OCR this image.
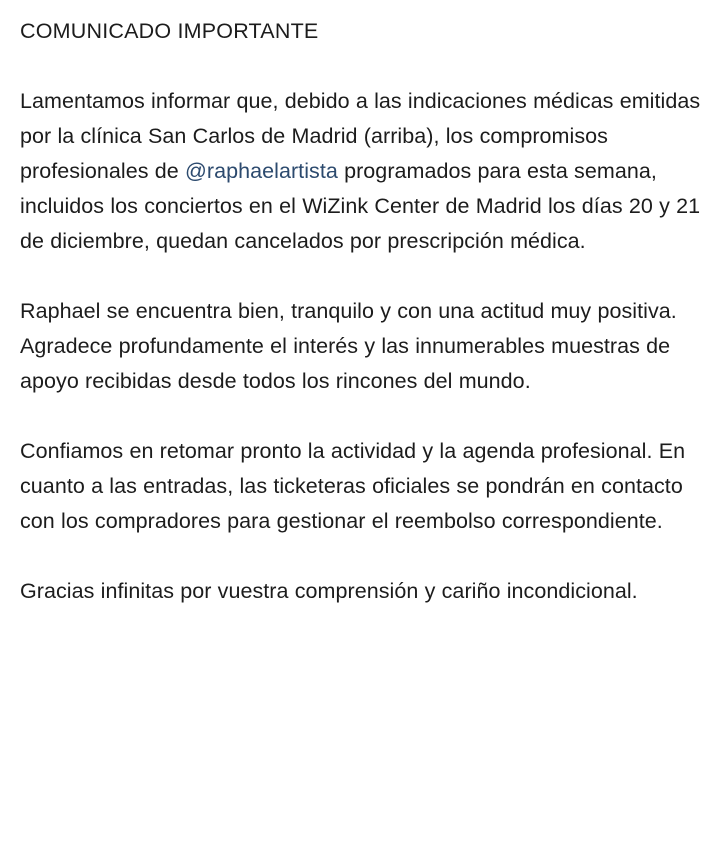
COMUNICADO IMPORTANTE

Lamentamos informar que, debido a las indicaciones médicas emitidas por la clínica San Carlos de Madrid (arriba), los compromisos profesionales de @raphaelartista programados para esta semana, incluidos los conciertos en el WiZink Center de Madrid los días 20 y 21 de diciembre, quedan cancelados por prescripción médica.

Raphael se encuentra bien, tranquilo y con una actitud muy positiva. Agradece profundamente el interés y las innumerables muestras de apoyo recibidas desde todos los rincones del mundo.

Confiamos en retomar pronto la actividad y la agenda profesional. En cuanto a las entradas, las ticketeras oficiales se pondrán en contacto con los compradores para gestionar el reembolso correspondiente.

Gracias infinitas por vuestra comprensión y cariño incondicional.
